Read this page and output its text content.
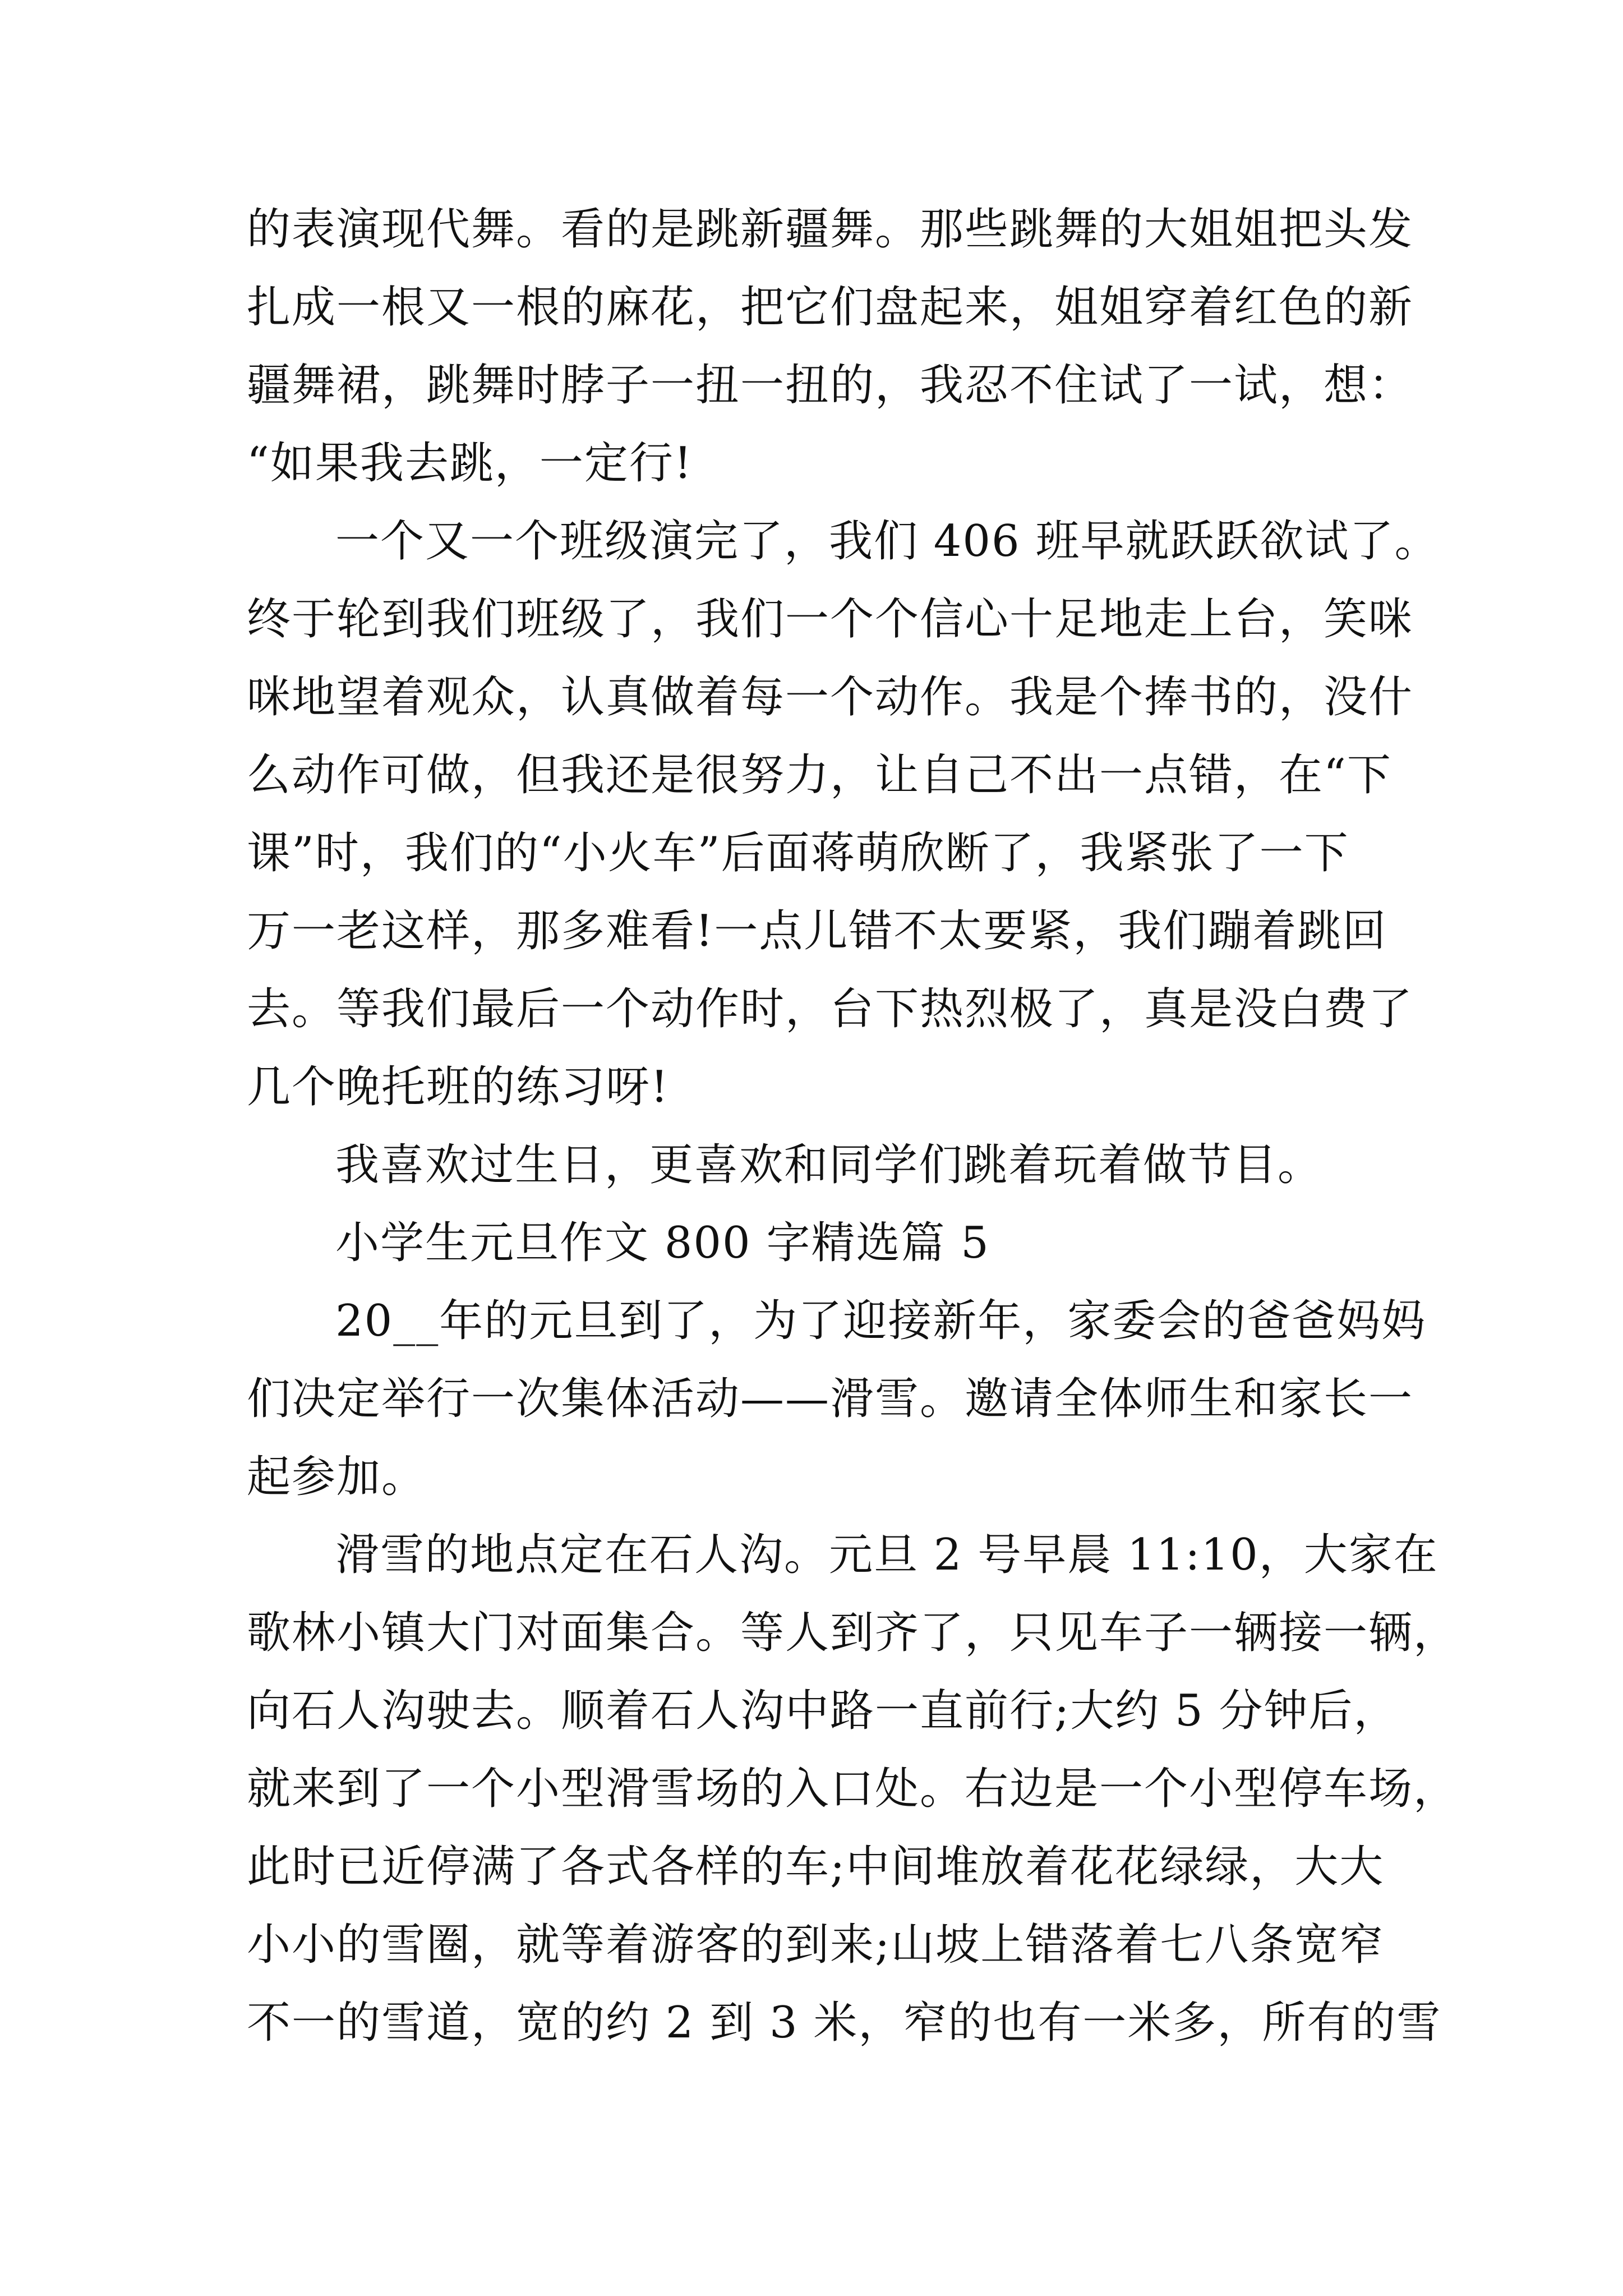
的表演现代舞。看的是跳新疆舞。那些跳舞的大姐姐把头发
扎成一根又一根的麻花，把它们盘起来，姐姐穿着红色的新
疆舞裙，跳舞时脖子一扭一扭的，我忍不住试了一试，想：
“如果我去跳，一定行!
一个又一个班级演完了，我们 406 班早就跃跃欲试了。
终于轮到我们班级了，我们一个个信心十足地走上台，笑咪
咪地望着观众，认真做着每一个动作。我是个捧书的，没什
么动作可做，但我还是很努力，让自己不出一点错，在“下
课”时，我们的“小火车”后面蒋萌欣断了，我紧张了一下
万一老这样，那多难看!一点儿错不太要紧，我们蹦着跳回
去。等我们最后一个动作时，台下热烈极了，真是没白费了
几个晚托班的练习呀!
我喜欢过生日，更喜欢和同学们跳着玩着做节目。
小学生元旦作文 800 字精选篇 5
20__年的元旦到了，为了迎接新年，家委会的爸爸妈妈
们决定举行一次集体活动——滑雪。邀请全体师生和家长一
起参加。
滑雪的地点定在石人沟。元旦 2 号早晨 11:10，大家在
歌林小镇大门对面集合。等人到齐了，只见车子一辆接一辆，
向石人沟驶去。顺着石人沟中路一直前行;大约 5 分钟后，
就来到了一个小型滑雪场的入口处。右边是一个小型停车场，
此时已近停满了各式各样的车;中间堆放着花花绿绿，大大
小小的雪圈，就等着游客的到来;山坡上错落着七八条宽窄
不一的雪道，宽的约 2 到 3 米，窄的也有一米多，所有的雪
